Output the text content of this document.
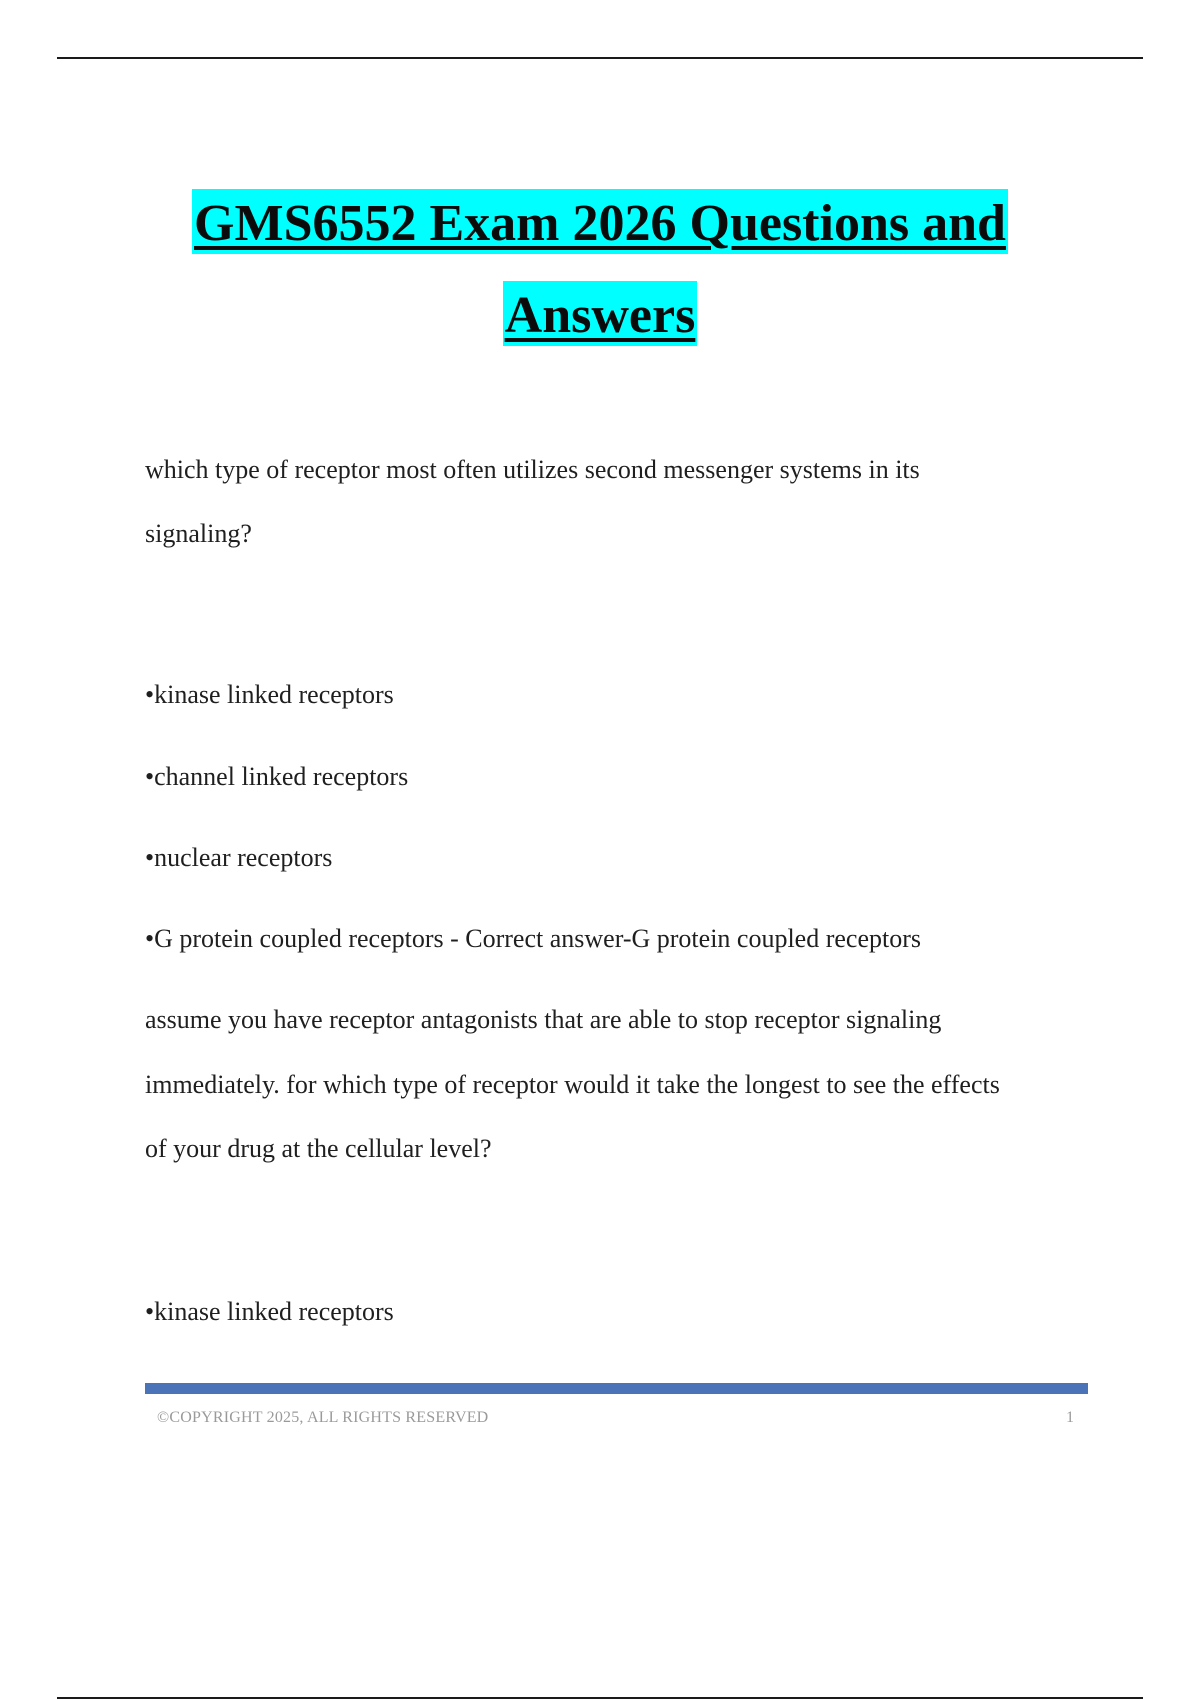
GMS6552 Exam 2026 Questions and
Answers

which type of receptor most often utilizes second messenger systems in its

signaling?

•kinase linked receptors

•channel linked receptors

•nuclear receptors

•G protein coupled receptors - Correct answer-G protein coupled receptors

assume you have receptor antagonists that are able to stop receptor signaling

immediately. for which type of receptor would it take the longest to see the effects

of your drug at the cellular level?

•kinase linked receptors

©COPYRIGHT 2025, ALL RIGHTS RESERVED	1
